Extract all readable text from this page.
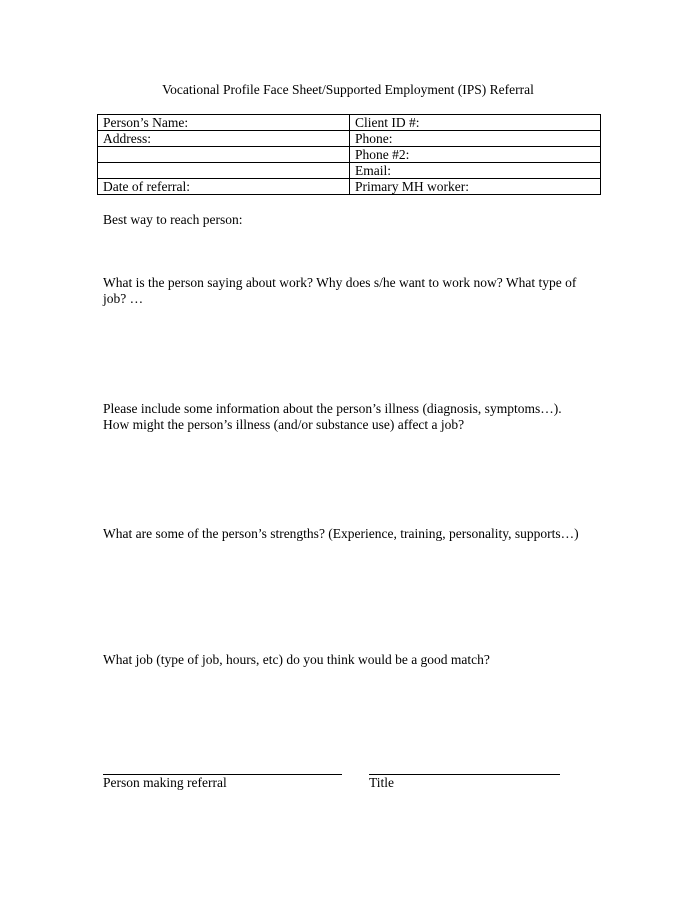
Vocational Profile Face Sheet/Supported Employment (IPS) Referral
Person’s Name:	Client ID #:
Address:	Phone:
	Phone #2:
	Email:
Date of referral:	Primary MH worker:
Best way to reach person:
What is the person saying about work? Why does s/he want to work now? What type of
job? …
Please include some information about the person’s illness (diagnosis, symptoms…).
How might the person’s illness (and/or substance use) affect a job?
What are some of the person’s strengths? (Experience, training, personality, supports…)
What job (type of job, hours, etc) do you think would be a good match?
Person making referral	Title
